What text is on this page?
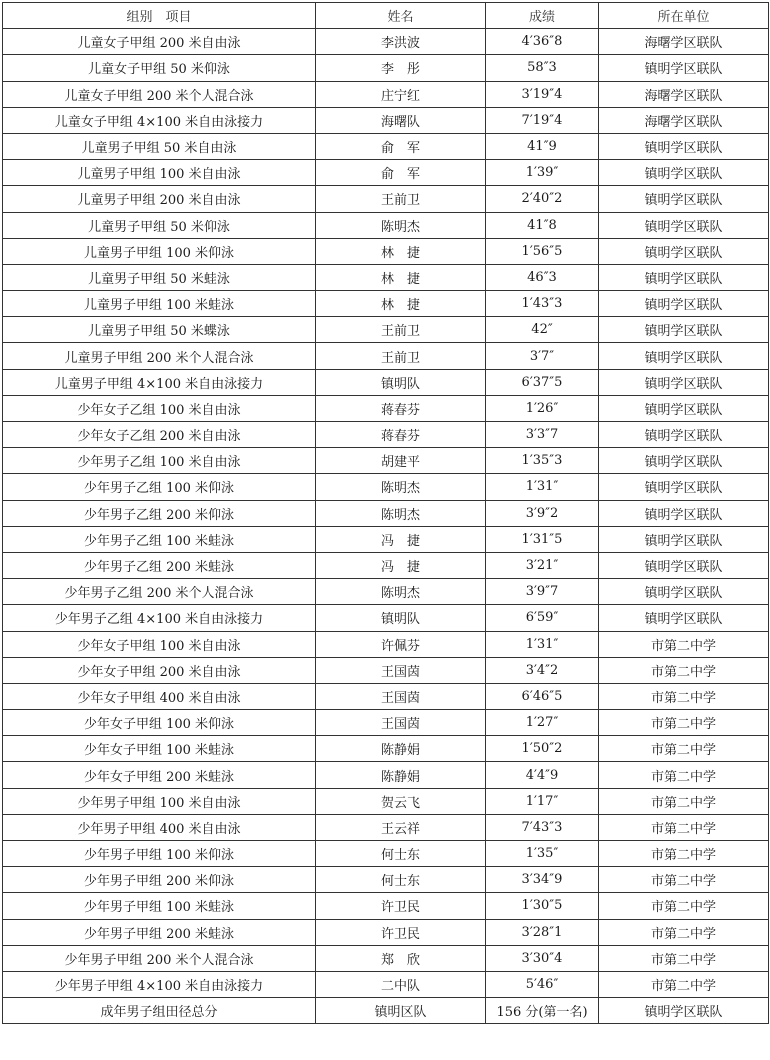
组别　项目	姓名	成绩	所在单位
儿童女子甲组 200 米自由泳	李洪波	4′36″8	海曙学区联队
儿童女子甲组 50 米仰泳	李　彤	58″3	镇明学区联队
儿童女子甲组 200 米个人混合泳	庄宁红	3′19″4	海曙学区联队
儿童女子甲组 4×100 米自由泳接力	海曙队	7′19″4	海曙学区联队
儿童男子甲组 50 米自由泳	俞　军	41″9	镇明学区联队
儿童男子甲组 100 米自由泳	俞　军	1′39″	镇明学区联队
儿童男子甲组 200 米自由泳	王前卫	2′40″2	镇明学区联队
儿童男子甲组 50 米仰泳	陈明杰	41″8	镇明学区联队
儿童男子甲组 100 米仰泳	林　捷	1′56″5	镇明学区联队
儿童男子甲组 50 米蛙泳	林　捷	46″3	镇明学区联队
儿童男子甲组 100 米蛙泳	林　捷	1′43″3	镇明学区联队
儿童男子甲组 50 米蝶泳	王前卫	42″	镇明学区联队
儿童男子甲组 200 米个人混合泳	王前卫	3′7″	镇明学区联队
儿童男子甲组 4×100 米自由泳接力	镇明队	6′37″5	镇明学区联队
少年女子乙组 100 米自由泳	蒋春芬	1′26″	镇明学区联队
少年女子乙组 200 米自由泳	蒋春芬	3′3″7	镇明学区联队
少年男子乙组 100 米自由泳	胡建平	1′35″3	镇明学区联队
少年男子乙组 100 米仰泳	陈明杰	1′31″	镇明学区联队
少年男子乙组 200 米仰泳	陈明杰	3′9″2	镇明学区联队
少年男子乙组 100 米蛙泳	冯　捷	1′31″5	镇明学区联队
少年男子乙组 200 米蛙泳	冯　捷	3′21″	镇明学区联队
少年男子乙组 200 米个人混合泳	陈明杰	3′9″7	镇明学区联队
少年男子乙组 4×100 米自由泳接力	镇明队	6′59″	镇明学区联队
少年女子甲组 100 米自由泳	许佩芬	1′31″	市第二中学
少年女子甲组 200 米自由泳	王国茵	3′4″2	市第二中学
少年女子甲组 400 米自由泳	王国茵	6′46″5	市第二中学
少年女子甲组 100 米仰泳	王国茵	1′27″	市第二中学
少年女子甲组 100 米蛙泳	陈静娟	1′50″2	市第二中学
少年女子甲组 200 米蛙泳	陈静娟	4′4″9	市第二中学
少年男子甲组 100 米自由泳	贺云飞	1′17″	市第二中学
少年男子甲组 400 米自由泳	王云祥	7′43″3	市第二中学
少年男子甲组 100 米仰泳	何士东	1′35″	市第二中学
少年男子甲组 200 米仰泳	何士东	3′34″9	市第二中学
少年男子甲组 100 米蛙泳	许卫民	1′30″5	市第二中学
少年男子甲组 200 米蛙泳	许卫民	3′28″1	市第二中学
少年男子甲组 200 米个人混合泳	郑　欣	3′30″4	市第二中学
少年男子甲组 4×100 米自由泳接力	二中队	5′46″	市第二中学
成年男子组田径总分	镇明区队	156 分(第一名)	镇明学区联队
